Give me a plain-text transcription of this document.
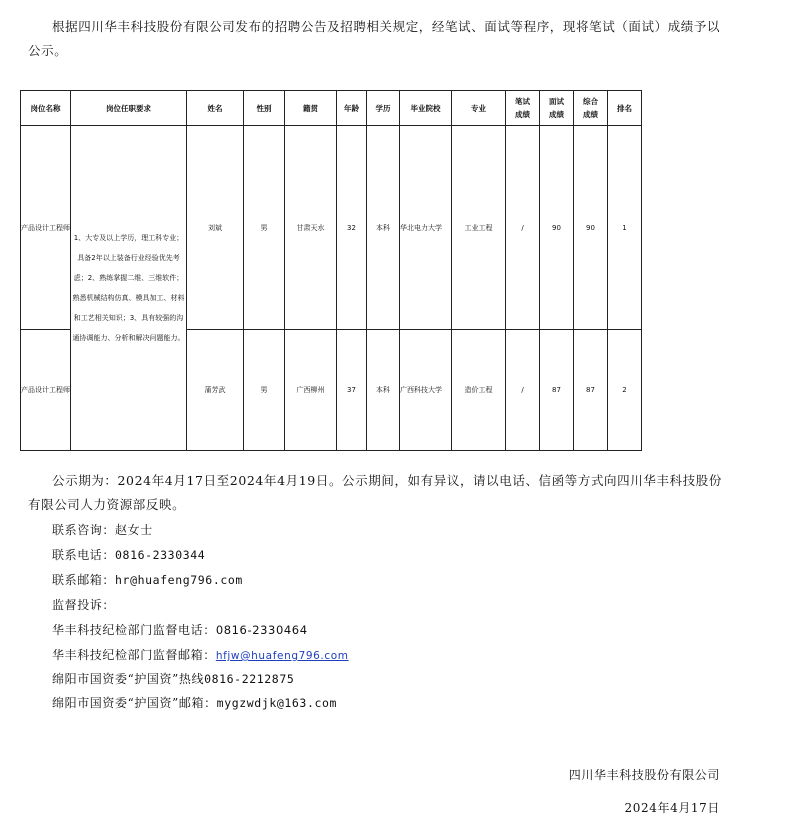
根据四川华丰科技股份有限公司发布的招聘公告及招聘相关规定，经笔试、面试等程序，现将笔试（面试）成绩予以公示。
岗位名称	岗位任职要求	姓名	性别	籍贯	年龄	学历	毕业院校	专业	笔试成绩	面试成绩	综合成绩	排名
产品设计工程师	1、大专及以上学历，理工科专业；具备2年以上装备行业经验优先考虑；2、熟练掌握二维、三维软件；熟悉机械结构仿真、模具加工、材料和工艺相关知识；3、具有较强的沟通协调能力、分析和解决问题能力。	刘斌	男	甘肃天水	32	本科	华北电力大学	工业工程	/	90	90	1
产品设计工程师		蒲芳武	男	广西柳州	37	本科	广西科技大学	造价工程	/	87	87	2
公示期为：2024年4月17日至2024年4月19日。公示期间，如有异议，请以电话、信函等方式向四川华丰科技股份有限公司人力资源部反映。
联系咨询：赵女士
联系电话：0816-2330344
联系邮箱：hr@huafeng796.com
监督投诉：
华丰科技纪检部门监督电话：0816-2330464
华丰科技纪检部门监督邮箱：hfjw@huafeng796.com
绵阳市国资委“护国资”热线0816-2212875
绵阳市国资委“护国资”邮箱：mygzwdjk@163.com
四川华丰科技股份有限公司
2024年4月17日
